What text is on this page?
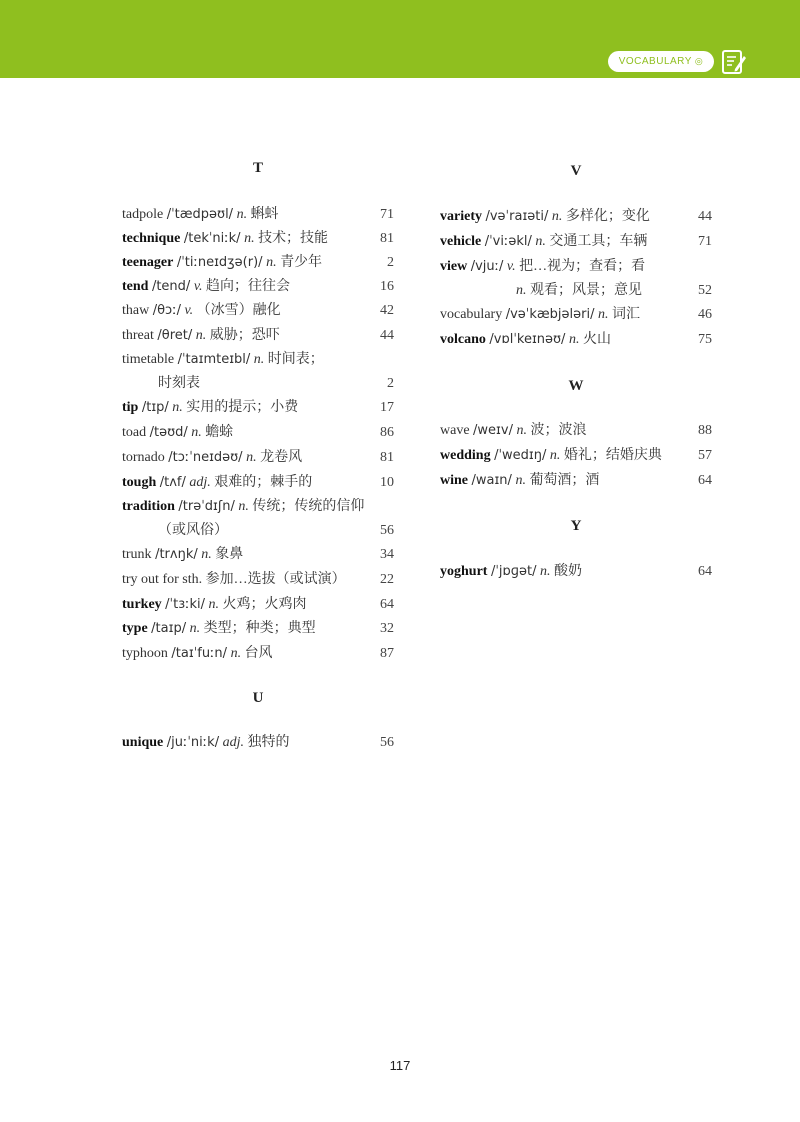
VOCABULARY ◎
T
tadpole /ˈtædpəʊl/ n. 蝌蚪	71
technique /tekˈniːk/ n. 技术；技能	81
teenager /ˈtiːneɪdʒə(r)/ n. 青少年	2
tend /tend/ v. 趋向；往往会	16
thaw /θɔː/ v. （冰雪）融化	42
threat /θret/ n. 威胁；恐吓	44
timetable /ˈtaɪmteɪbl/ n. 时间表；
时刻表	2
tip /tɪp/ n. 实用的提示；小费	17
toad /təʊd/ n. 蟾蜍	86
tornado /tɔːˈneɪdəʊ/ n. 龙卷风	81
tough /tʌf/ adj. 艰难的；棘手的	10
tradition /trəˈdɪʃn/ n. 传统；传统的信仰
（或风俗）	56
trunk /trʌŋk/ n. 象鼻	34
try out for sth. 参加…选拔（或试演） 22
turkey /ˈtɜːki/ n. 火鸡；火鸡肉	64
type /taɪp/ n. 类型；种类；典型	32
typhoon /taɪˈfuːn/ n. 台风	87
U
unique /juːˈniːk/ adj. 独特的	56
V
variety /vəˈraɪəti/ n. 多样化；变化	44
vehicle /ˈviːəkl/ n. 交通工具；车辆	71
view /vjuː/ v. 把…视为；查看；看
n. 观看；风景；意见	52
vocabulary /vəˈkæbjələri/ n. 词汇	46
volcano /vɒlˈkeɪnəʊ/ n. 火山	75
W
wave /weɪv/ n. 波；波浪	88
wedding /ˈwedɪŋ/ n. 婚礼；结婚庆典	57
wine /waɪn/ n. 葡萄酒；酒	64
Y
yoghurt /ˈjɒɡət/ n. 酸奶	64
117
